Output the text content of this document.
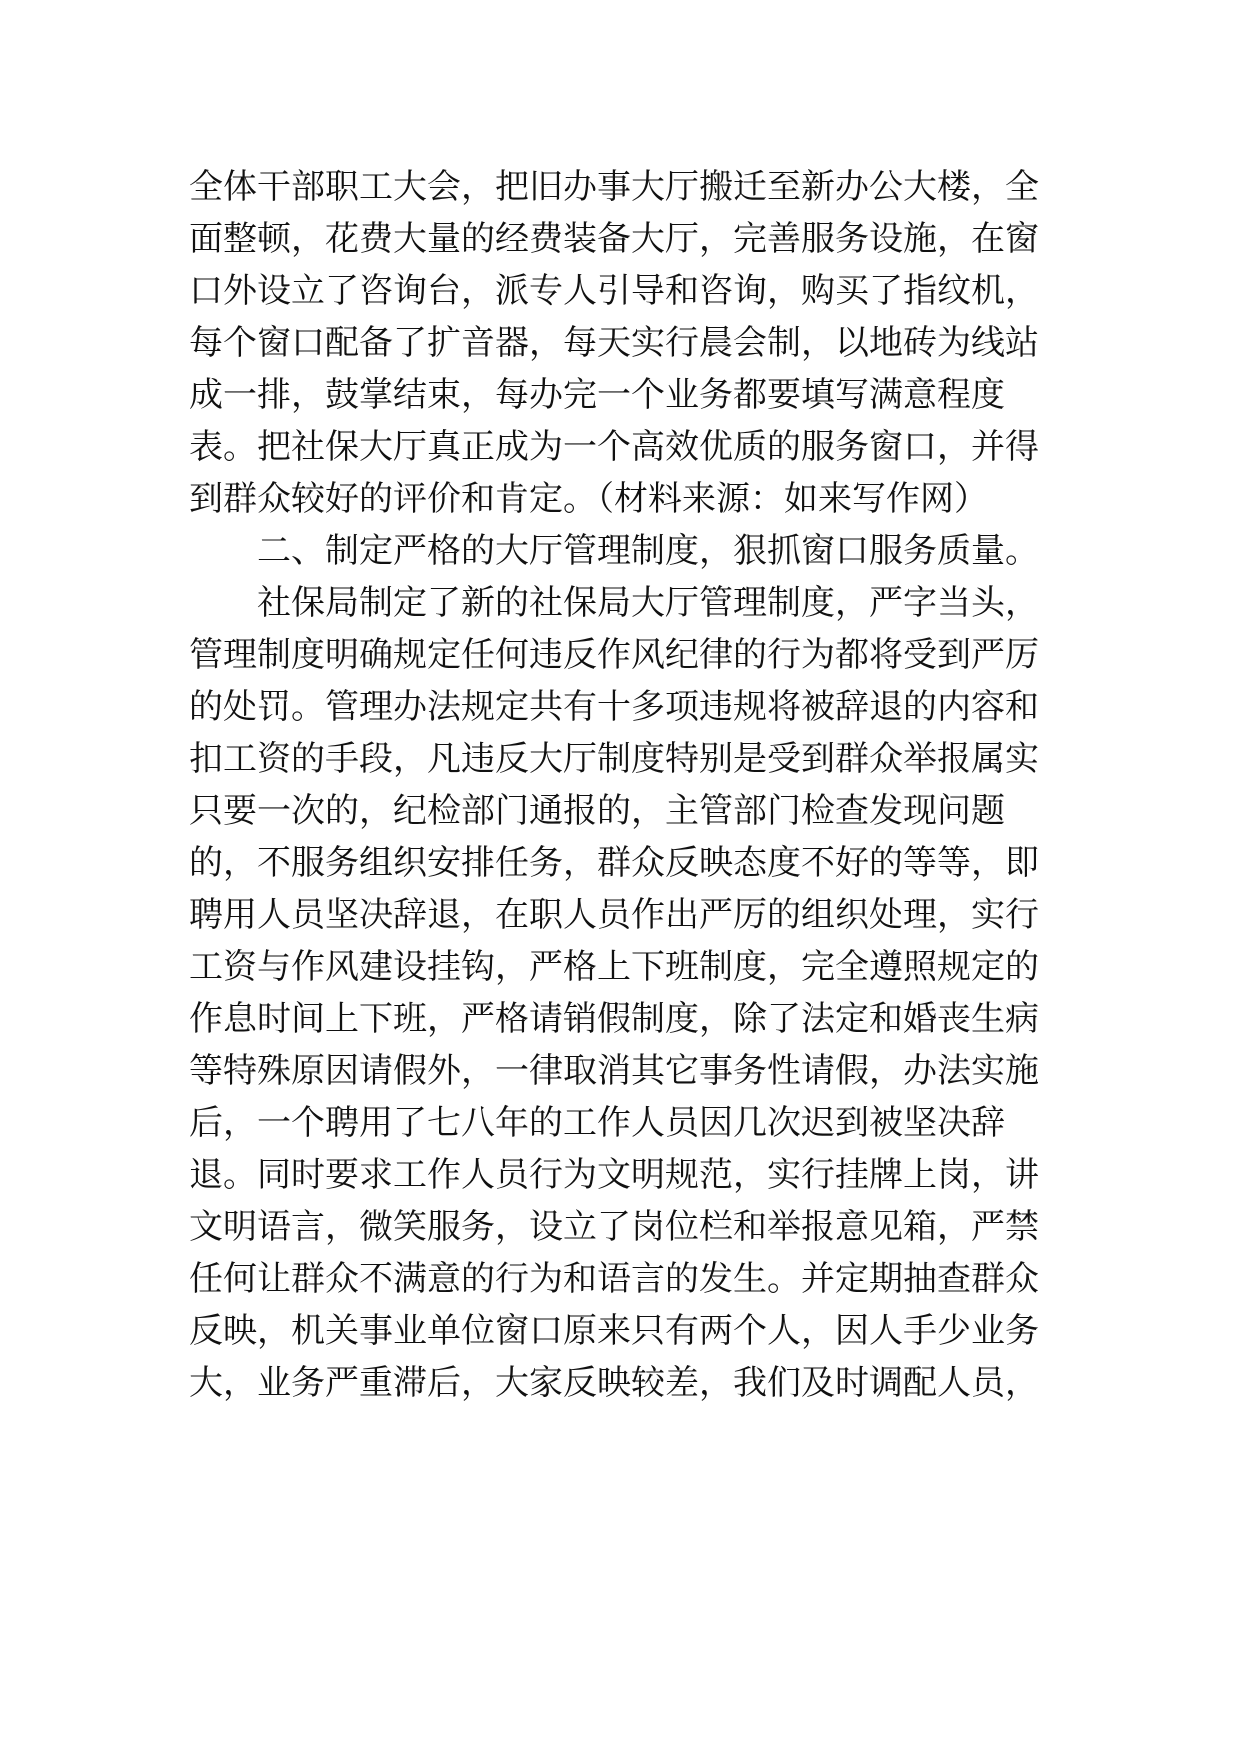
全体干部职工大会，把旧办事大厅搬迁至新办公大楼，全
面整顿，花费大量的经费装备大厅，完善服务设施，在窗
口外设立了咨询台，派专人引导和咨询，购买了指纹机，
每个窗口配备了扩音器，每天实行晨会制，以地砖为线站
成一排，鼓掌结束，每办完一个业务都要填写满意程度
表。把社保大厅真正成为一个高效优质的服务窗口，并得
到群众较好的评价和肯定。（材料来源：如来写作网）
二、制定严格的大厅管理制度，狠抓窗口服务质量。
社保局制定了新的社保局大厅管理制度，严字当头，
管理制度明确规定任何违反作风纪律的行为都将受到严厉
的处罚。管理办法规定共有十多项违规将被辞退的内容和
扣工资的手段，凡违反大厅制度特别是受到群众举报属实
只要一次的，纪检部门通报的，主管部门检查发现问题
的，不服务组织安排任务，群众反映态度不好的等等，即
聘用人员坚决辞退，在职人员作出严厉的组织处理，实行
工资与作风建设挂钩，严格上下班制度，完全遵照规定的
作息时间上下班，严格请销假制度，除了法定和婚丧生病
等特殊原因请假外，一律取消其它事务性请假，办法实施
后，一个聘用了七八年的工作人员因几次迟到被坚决辞
退。同时要求工作人员行为文明规范，实行挂牌上岗，讲
文明语言，微笑服务，设立了岗位栏和举报意见箱，严禁
任何让群众不满意的行为和语言的发生。并定期抽查群众
反映，机关事业单位窗口原来只有两个人，因人手少业务
大，业务严重滞后，大家反映较差，我们及时调配人员，
